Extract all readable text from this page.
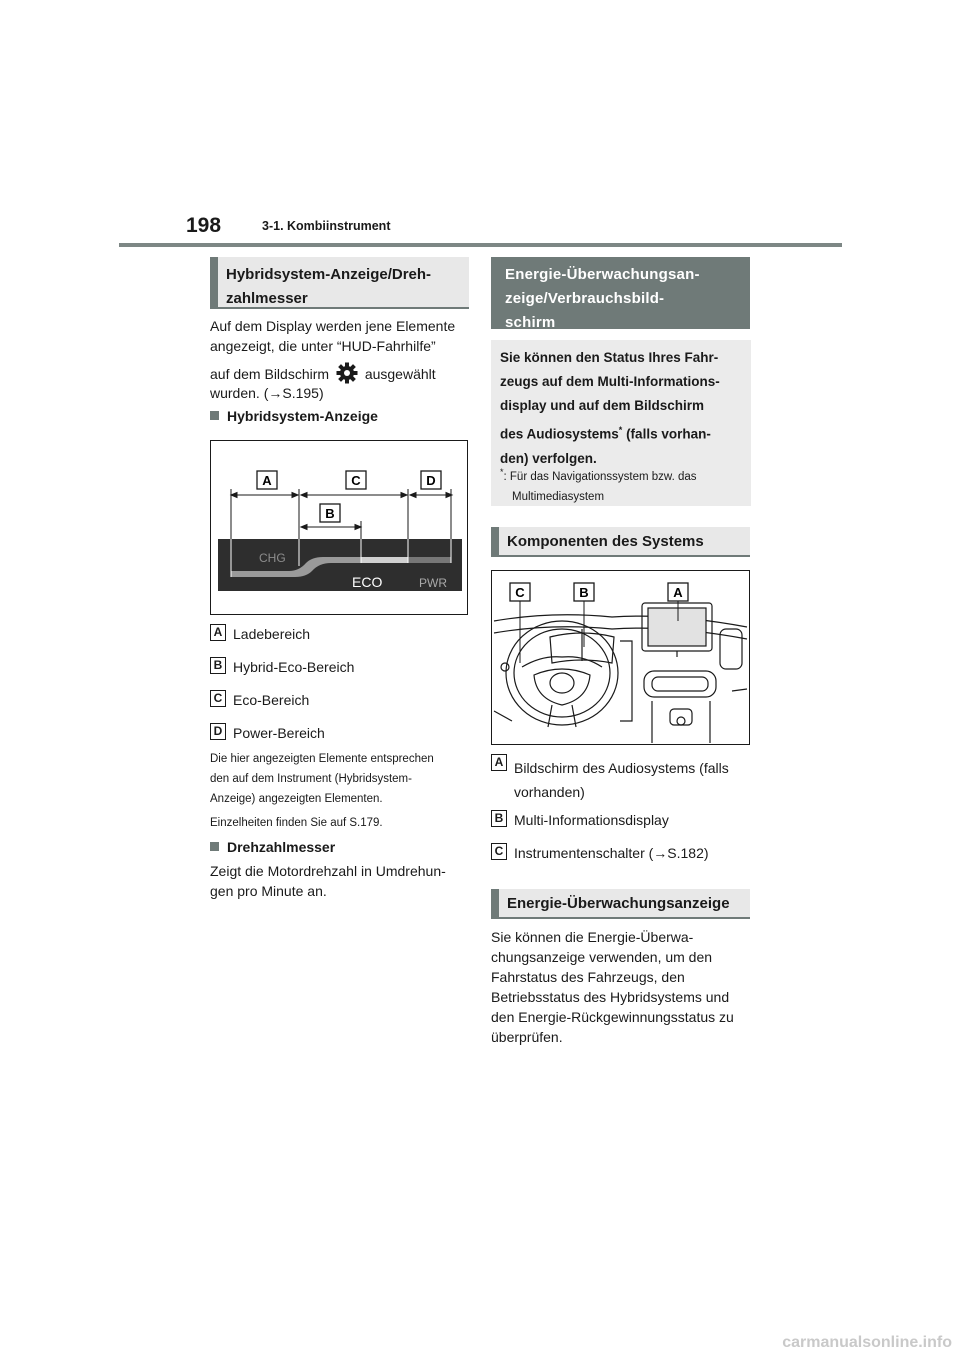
198	3-1. Kombiinstrument
Hybridsystem-Anzeige/Dreh-
zahlmesser
Auf dem Display werden jene Elemente
angezeigt, die unter “HUD-Fahrhilfe”
auf dem Bildschirm	ausgewählt
wurden. (→S.195)
Hybridsystem-Anzeige
A	C	D
B
CHG
ECO	PWR
A Ladebereich
B Hybrid-Eco-Bereich
C Eco-Bereich
D Power-Bereich
Die hier angezeigten Elemente entsprechen
den auf dem Instrument (Hybridsystem-
Anzeige) angezeigten Elementen.
Einzelheiten finden Sie auf S.179.
Drehzahlmesser
Zeigt die Motordrehzahl in Umdrehun-
gen pro Minute an.
Energie-Überwachungsan-
zeige/Verbrauchsbild-
schirm
Sie können den Status Ihres Fahr-
zeugs auf dem Multi-Informations-
display und auf dem Bildschirm
des Audiosystems* (falls vorhan-
den) verfolgen.
*: Für das Navigationssystem bzw. das
Multimediasystem
Komponenten des Systems
C	B	A
A Bildschirm des Audiosystems (falls
vorhanden)
B Multi-Informationsdisplay
C Instrumentenschalter (→S.182)
Energie-Überwachungsanzeige
Sie können die Energie-Überwa-
chungsanzeige verwenden, um den
Fahrstatus des Fahrzeugs, den
Betriebsstatus des Hybridsystems und
den Energie-Rückgewinnungsstatus zu
überprüfen.
carmanualsonline.info
